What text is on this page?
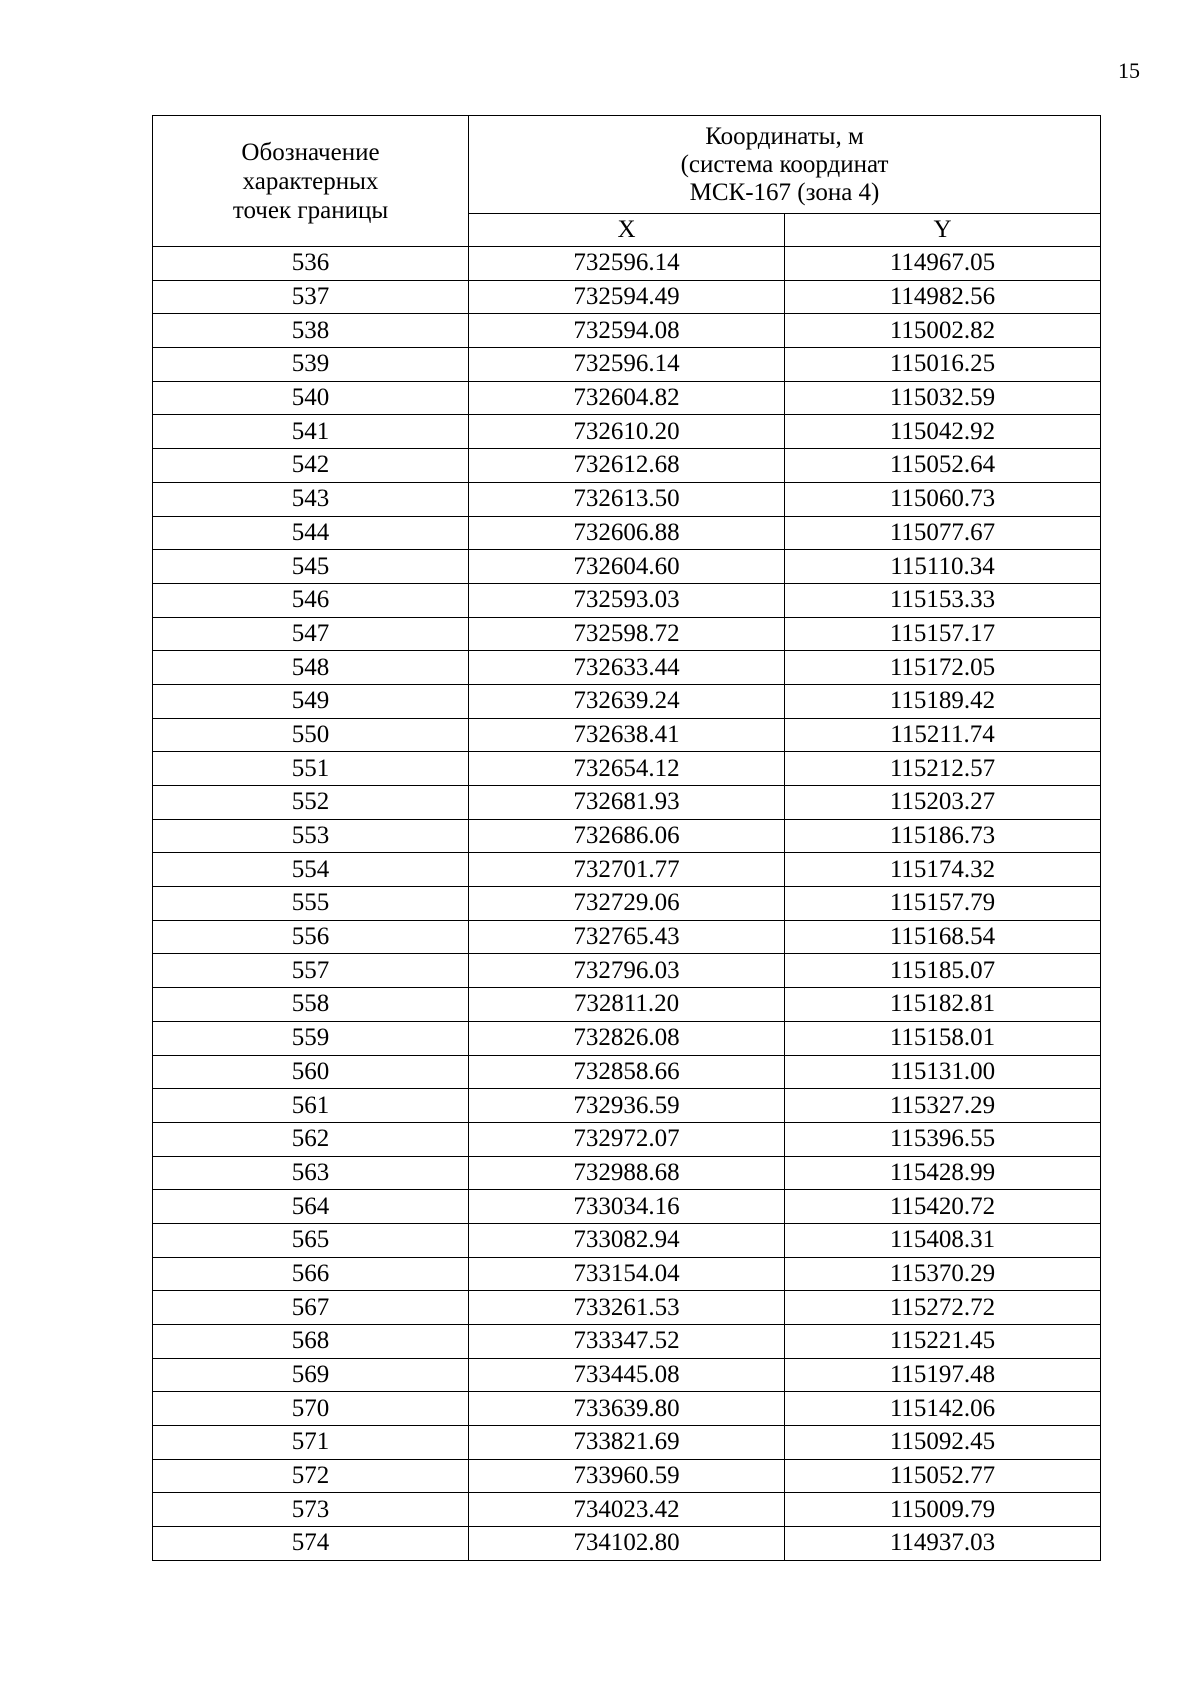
15
Обозначение
характерных
точек границы	Координаты, м
(система координат
МСК-167 (зона 4)	

	X	Y
536	732596.14	114967.05
537	732594.49	114982.56
538	732594.08	115002.82
539	732596.14	115016.25
540	732604.82	115032.59
541	732610.20	115042.92
542	732612.68	115052.64
543	732613.50	115060.73
544	732606.88	115077.67
545	732604.60	115110.34
546	732593.03	115153.33
547	732598.72	115157.17
548	732633.44	115172.05
549	732639.24	115189.42
550	732638.41	115211.74
551	732654.12	115212.57
552	732681.93	115203.27
553	732686.06	115186.73
554	732701.77	115174.32
555	732729.06	115157.79
556	732765.43	115168.54
557	732796.03	115185.07
558	732811.20	115182.81
559	732826.08	115158.01
560	732858.66	115131.00
561	732936.59	115327.29
562	732972.07	115396.55
563	732988.68	115428.99
564	733034.16	115420.72
565	733082.94	115408.31
566	733154.04	115370.29
567	733261.53	115272.72
568	733347.52	115221.45
569	733445.08	115197.48
570	733639.80	115142.06
571	733821.69	115092.45
572	733960.59	115052.77
573	734023.42	115009.79
574	734102.80	114937.03
